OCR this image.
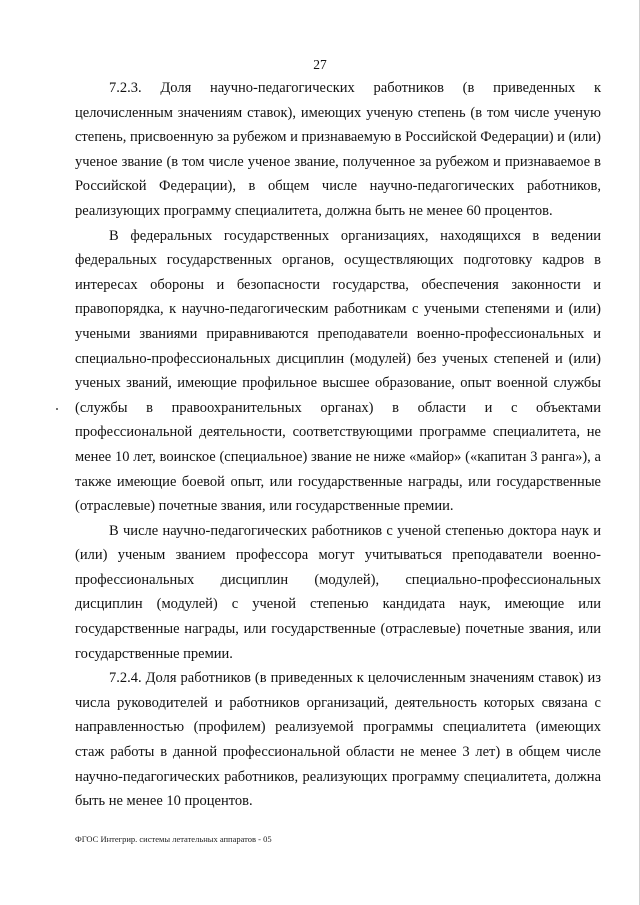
27

7.2.3. Доля научно-педагогических работников (в приведенных к целочисленным значениям ставок), имеющих ученую степень (в том числе ученую степень, присвоенную за рубежом и признаваемую в Российской Федерации) и (или) ученое звание (в том числе ученое звание, полученное за рубежом и признаваемое в Российской Федерации), в общем числе научно-педагогических работников, реализующих программу специалитета, должна быть не менее 60 процентов.

В федеральных государственных организациях, находящихся в ведении федеральных государственных органов, осуществляющих подготовку кадров в интересах обороны и безопасности государства, обеспечения законности и правопорядка, к научно-педагогическим работникам с учеными степенями и (или) учеными званиями приравниваются преподаватели военно-профессиональных и специально-профессиональных дисциплин (модулей) без ученых степеней и (или) ученых званий, имеющие профильное высшее образование, опыт военной службы (службы в правоохранительных органах) в области и с объектами профессиональной деятельности, соответствующими программе специалитета, не менее 10 лет, воинское (специальное) звание не ниже «майор» («капитан 3 ранга»), а также имеющие боевой опыт, или государственные награды, или государственные (отраслевые) почетные звания, или государственные премии.

В числе научно-педагогических работников с ученой степенью доктора наук и (или) ученым званием профессора могут учитываться преподаватели военно-профессиональных дисциплин (модулей), специально-профессиональных дисциплин (модулей) с ученой степенью кандидата наук, имеющие или государственные награды, или государственные (отраслевые) почетные звания, или государственные премии.

7.2.4. Доля работников (в приведенных к целочисленным значениям ставок) из числа руководителей и работников организаций, деятельность которых связана с направленностью (профилем) реализуемой программы специалитета (имеющих стаж работы в данной профессиональной области не менее 3 лет) в общем числе научно-педагогических работников, реализующих программу специалитета, должна быть не менее 10 процентов.

ФГОС Интегрир. системы летательных аппаратов - 05
